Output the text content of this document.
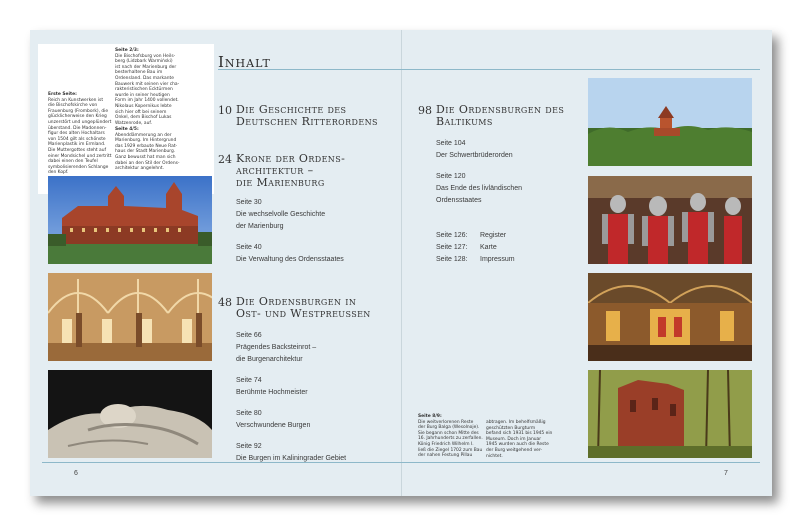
Erste Seite:
Reich an Kunstwerken ist
die Bischofskirche von
Frauenburg (Frombork), die
glücklicherweise den Krieg
unzerstört und ungeplündert
überstand. Die Madonnen-
figur des alten Hochaltars
von 1504 gilt als schönste
Marienplastik im Ermland.
Die Muttergottes steht auf
einer Mondsichel und zertritt
dabei einen den Teufel
symbolisierenden Schlange
den Kopf.
Seite 2/3:
Die Bischofsburg von Heils-
berg (Lidzbark Warmiński)
ist nach der Marienburg der
besterhaltene Bau im
Ordensland. Das markante
Bauwerk mit seinen vier cha-
rakteristischen Ecktürmen
wurde in seiner heutigen
Form im Jahr 1400 vollendet.
Nikolaus Kopernikus lebte
sich hier oft bei seinem
Onkel, dem Bischof Lukas
Watzenrode, auf.
Seite 4/5:
Abenddämmerung an der
Marienburg. Im Hintergrund
das 1929 erbaute Neue Rat-
haus der Stadt Marienburg.
Ganz bewusst hat man sich
dabei an den Stil der Ordens-
architektur angelehnt.
Seite 8/9:
Die weitverlorenen Reste
der Burg Balga (Wesolnoje).
Sie begann schon Mitte des
16. Jahrhunderts zu zerfallen.
König Friedrich Wilhelm I.
ließ die Ziegel 1702 zum Bau
der nahen Festung Pillau
abtragen. Im behelfsmäßig
geschützten Burgturm
befand sich 1931 bis 1945 ein
Museum. Doch im Januar
1945 wurden auch die Reste
der Burg weitgehend ver-
nichtet.
Inhalt
10 Die Geschichte des
Deutschen Ritterordens
24 Krone der Ordens-
architektur –
die Marienburg
Seite 30
Die wechselvolle Geschichte
der Marienburg
Seite 40
Die Verwaltung des Ordensstaates
48 Die Ordensburgen in
Ost- und Westpreussen
Seite 66
Prägendes Backsteinrot –
die Burgenarchitektur
Seite 74
Berühmte Hochmeister
Seite 80
Verschwundene Burgen
Seite 92
Die Burgen im Kaliningrader Gebiet
98 Die Ordensburgen des
Baltikums
Seite 104
Der Schwertbrüderorden
Seite 120
Das Ende des livländischen
Ordensstaates
Seite 126: Register
Seite 127: Karte
Seite 128: Impressum
6	7
